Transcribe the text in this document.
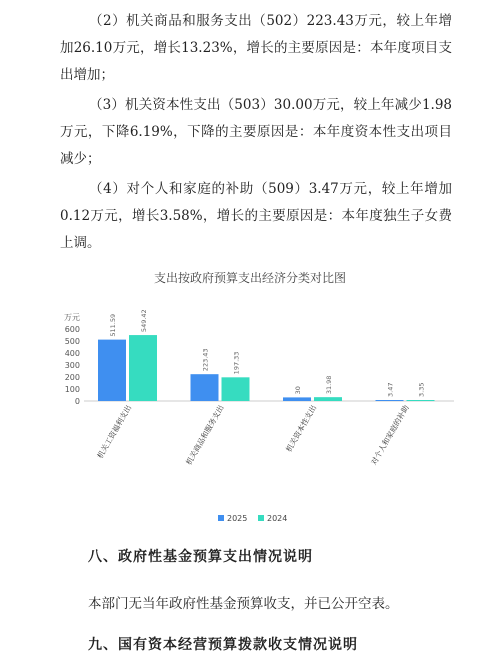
（2）机关商品和服务支出（502）223.43万元，较上年增加26.10万元，增长13.23%，增长的主要原因是：本年度项目支出增加；
（3）机关资本性支出（503）30.00万元，较上年减少1.98万元，下降6.19%，下降的主要原因是：本年度资本性支出项目减少；
（4）对个人和家庭的补助（509）3.47万元，较上年增加0.12万元，增长3.58%，增长的主要原因是：本年度独生子女费上调。
支出按政府预算支出经济分类对比图
万元
0
100
200
300
400
500
600	511.59	549.42
223.43	197.33
30	31.98	3.47	3.35
机关工资福利支出	机关商品和服务支出	机关资本性支出	对个人和家庭的补助
2025 2024
八、政府性基金预算支出情况说明
本部门无当年政府性基金预算收支，并已公开空表。
九、国有资本经营预算拨款收支情况说明
